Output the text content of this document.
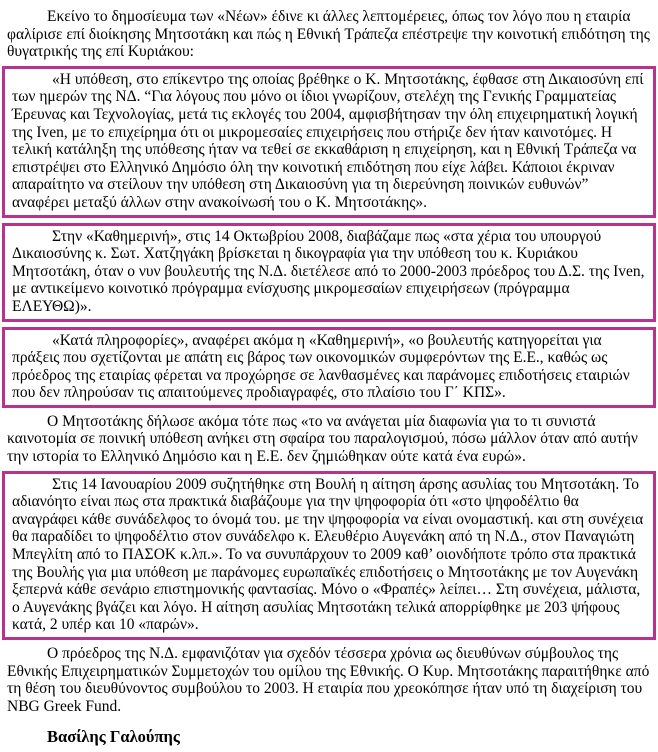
Εκείνο το δημοσίευμα των «Νέων» έδινε κι άλλες λεπτομέρειες, όπως τον λόγο που η εταιρία φαλίρισε επί διοίκησης Μητσοτάκη και πώς η Εθνική Τράπεζα επέστρεψε την κοινοτική επιδότηση της θυγατρικής της επί Κυριάκου:
«Η υπόθεση, στο επίκεντρο της οποίας βρέθηκε ο Κ. Μητσοτάκης, έφθασε στη Δικαιοσύνη επί των ημερών της ΝΔ. “Για λόγους που μόνο οι ίδιοι γνωρίζουν, στελέχη της Γενικής Γραμματείας Έρευνας και Τεχνολογίας, μετά τις εκλογές του 2004, αμφισβήτησαν την όλη επιχειρηματική λογική της Iven, με το επιχείρημα ότι οι μικρομεσαίες επιχειρήσεις που στήριζε δεν ήταν καινοτόμες. Η τελική κατάληξη της υπόθεσης ήταν να τεθεί σε εκκαθάριση η επιχείρηση, και η Εθνική Τράπεζα να επιστρέψει στο Ελληνικό Δημόσιο όλη την κοινοτική επιδότηση που είχε λάβει. Κάποιοι έκριναν απαραίτητο να στείλουν την υπόθεση στη Δικαιοσύνη για τη διερεύνηση ποινικών ευθυνών” αναφέρει μεταξύ άλλων στην ανακοίνωσή του ο Κ. Μητσοτάκης».
Στην «Καθημερινή», στις 14 Οκτωβρίου 2008, διαβάζαμε πως «στα χέρια του υπουργού Δικαιοσύνης κ. Σωτ. Χατζηγάκη βρίσκεται η δικογραφία για την υπόθεση του κ. Κυριάκου Μητσοτάκη, όταν ο νυν βουλευτής της Ν.Δ. διετέλεσε από το 2000-2003 πρόεδρος του Δ.Σ. της Iven, με αντικείμενο κοινοτικό πρόγραμμα ενίσχυσης μικρομεσαίων επιχειρήσεων (πρόγραμμα ΕΛΕΥΘΩ)».
«Κατά πληροφορίες», αναφέρει ακόμα η «Καθημερινή», «ο βουλευτής κατηγορείται για πράξεις που σχετίζονται με απάτη εις βάρος των οικονομικών συμφερόντων της Ε.Ε., καθώς ως πρόεδρος της εταιρίας φέρεται να προχώρησε σε λανθασμένες και παράνομες επιδοτήσεις εταιριών που δεν πληρούσαν τις απαιτούμενες προδιαγραφές, στο πλαίσιο του Γ΄ ΚΠΣ».
Ο Μητσοτάκης δήλωσε ακόμα τότε πως «το να ανάγεται μία διαφωνία για το τι συνιστά καινοτομία σε ποινική υπόθεση ανήκει στη σφαίρα του παραλογισμού, πόσω μάλλον όταν από αυτήν την ιστορία το Ελληνικό Δημόσιο και η Ε.Ε. δεν ζημιώθηκαν ούτε κατά ένα ευρώ».
Στις 14 Ιανουαρίου 2009 συζητήθηκε στη Βουλή η αίτηση άρσης ασυλίας του Μητσοτάκη. Το αδιανόητο είναι πως στα πρακτικά διαβάζουμε για την ψηφοφορία ότι «στο ψηφοδέλτιο θα αναγράφει κάθε συνάδελφος το όνομά του. με την ψηφοφορία να είναι ονομαστική. και στη συνέχεια θα παραδίδει το ψηφοδέλτιο στον συνάδελφο κ. Ελευθέριο Αυγενάκη από τη Ν.Δ., στον Παναγιώτη Μπεγλίτη από το ΠΑΣΟΚ κ.λπ.». Το να συνυπάρχουν το 2009 καθ’ οιονδήποτε τρόπο στα πρακτικά της Βουλής για μια υπόθεση με παράνομες ευρωπαϊκές επιδοτήσεις ο Μητσοτάκης με τον Αυγενάκη ξεπερνά κάθε σενάριο επιστημονικής φαντασίας. Μόνο ο «Φραπές» λείπει… Στη συνέχεια, μάλιστα, ο Αυγενάκης βγάζει και λόγο. Η αίτηση ασυλίας Μητσοτάκη τελικά απορρίφθηκε με 203 ψήφους κατά, 2 υπέρ και 10 «παρών».
Ο πρόεδρος της Ν.Δ. εμφανιζόταν για σχεδόν τέσσερα χρόνια ως διευθύνων σύμβουλος της Εθνικής Επιχειρηματικών Συμμετοχών του ομίλου της Εθνικής. Ο Κυρ. Μητσοτάκης παραιτήθηκε από τη θέση του διευθύνοντος συμβούλου το 2003. Η εταιρία που χρεοκόπησε ήταν υπό τη διαχείριση του NBG Greek Fund.
Βασίλης Γαλούπης
